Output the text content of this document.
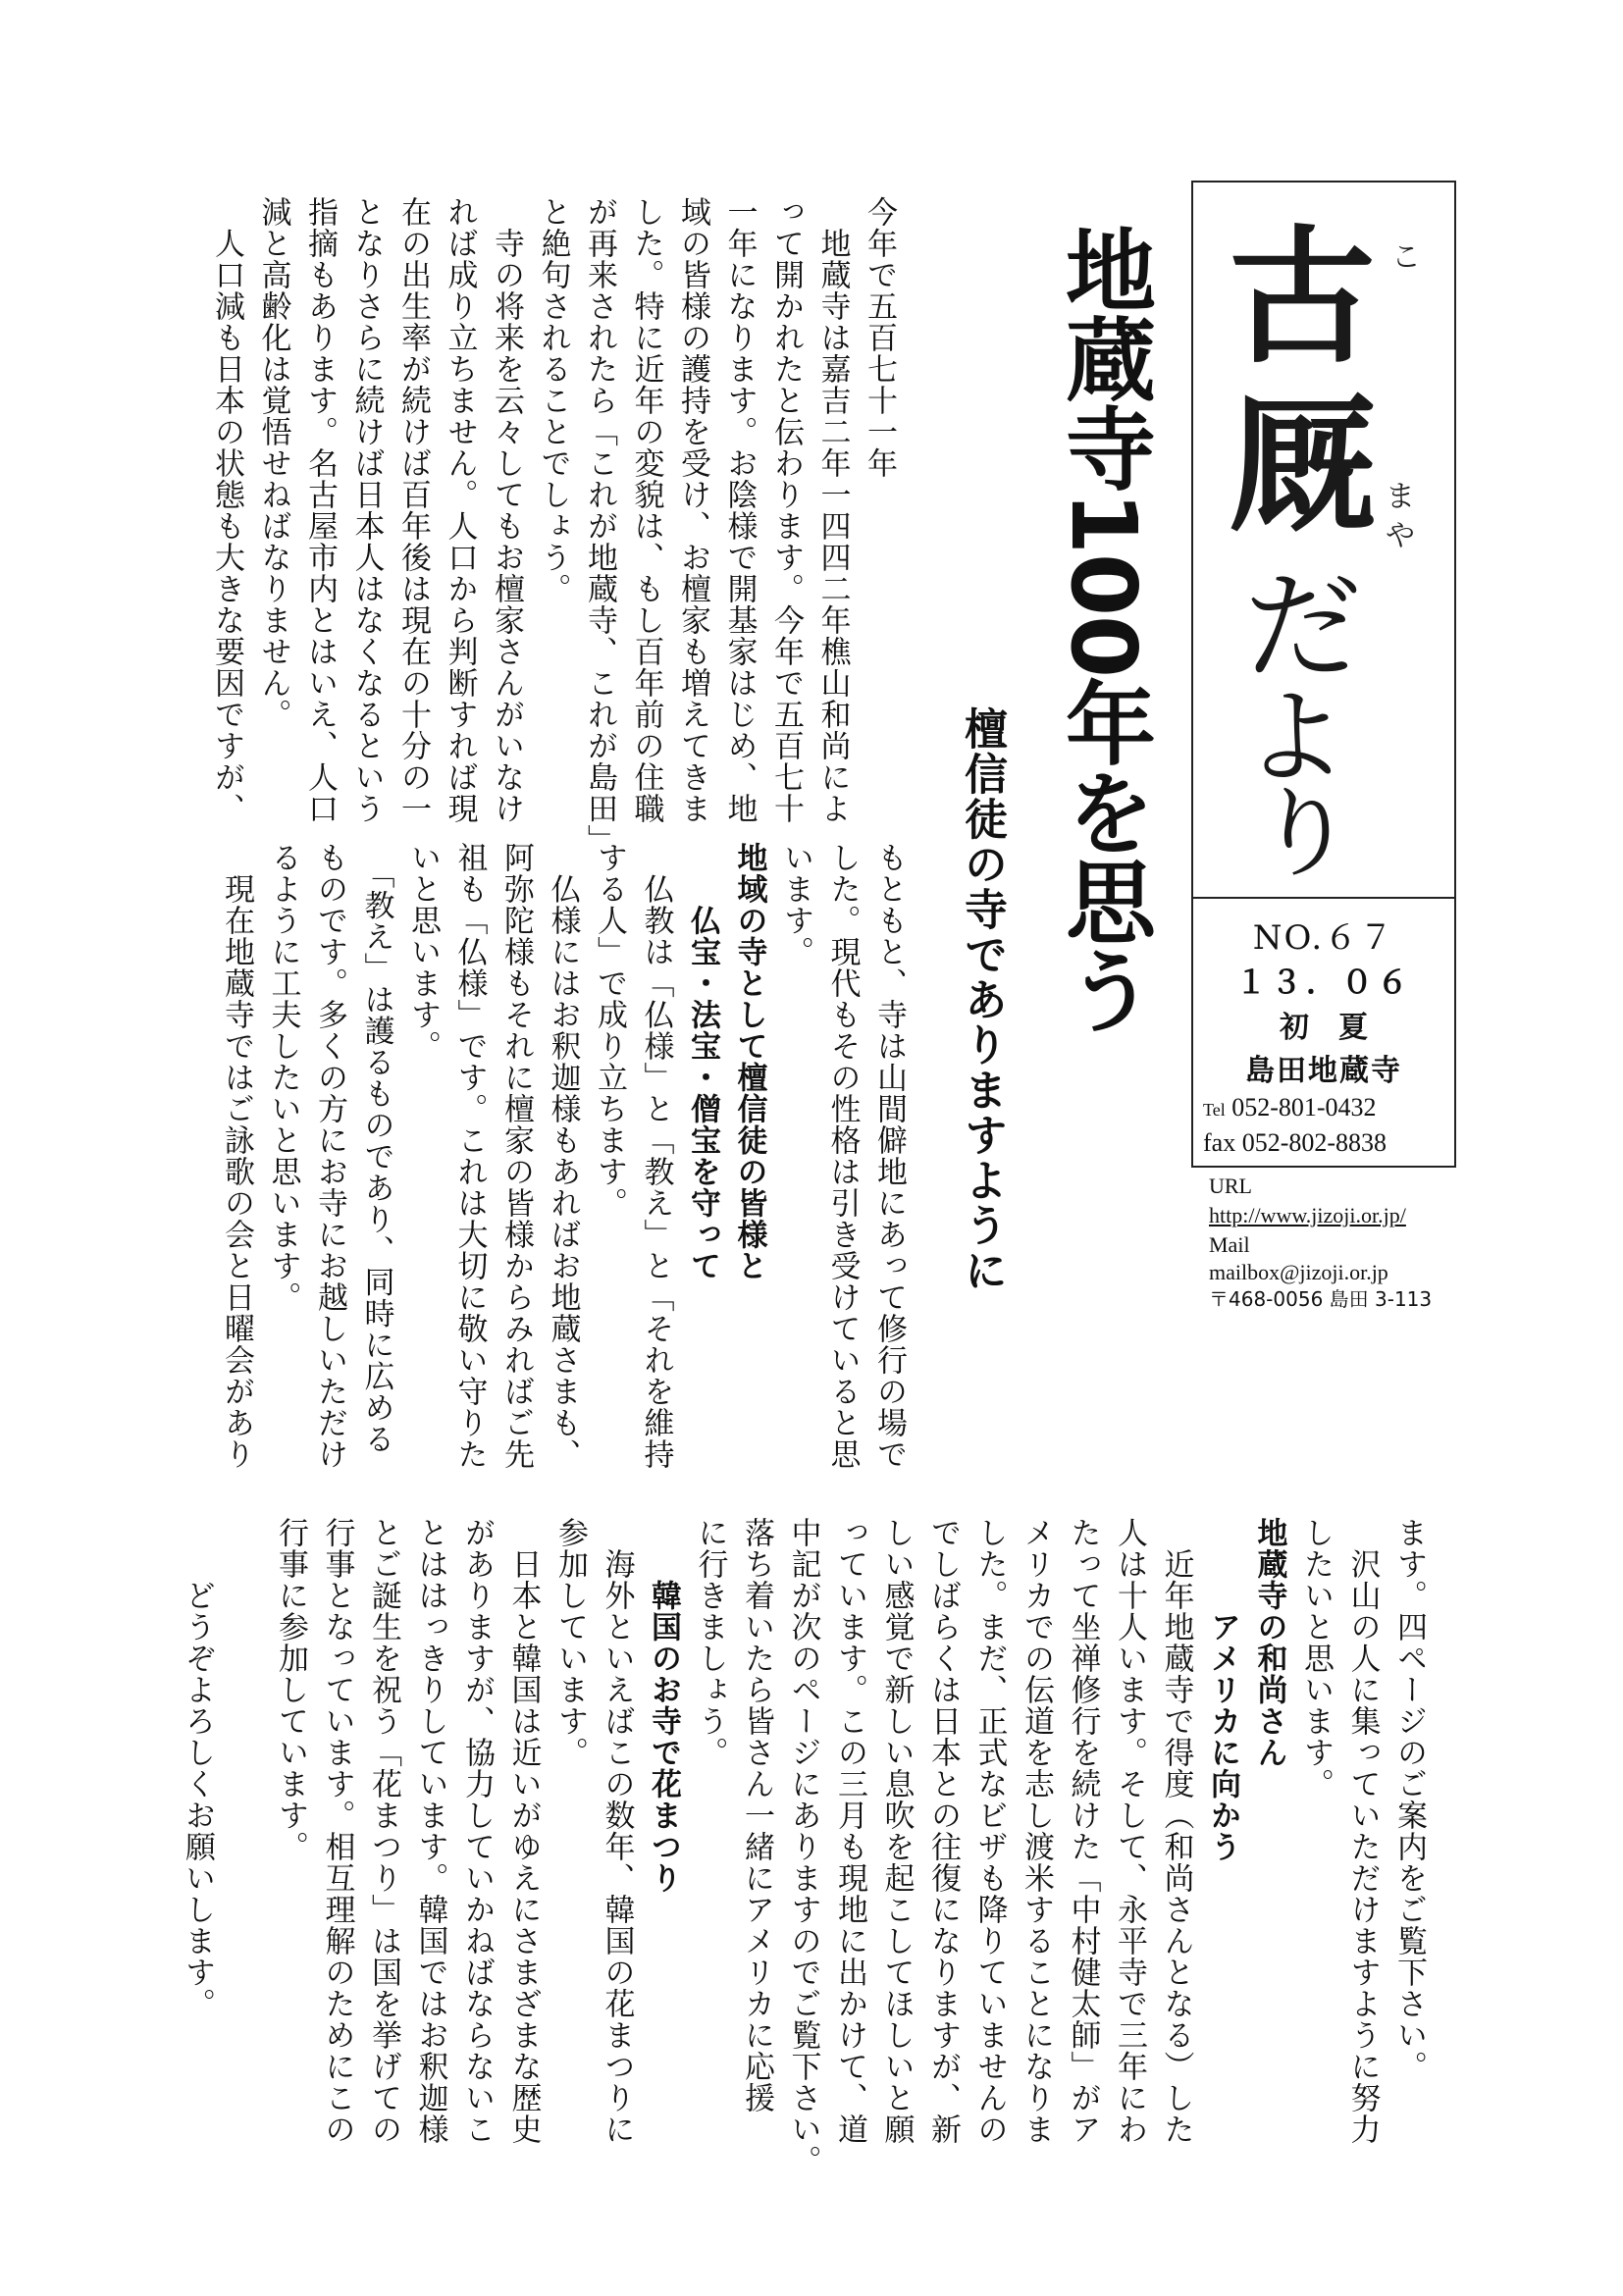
古
厩
だ
よ
り
こ
ま
や
NO.６７
１３．０６
初　夏
島田地蔵寺
Tel 052-801-0432
fax 052-802-8838
URL
http://www.jizoji.or.jp/
Mail
mailbox@jizoji.or.jp
〒468-0056 島田 3-113
地蔵寺100年を思う
檀信徒の寺でありますように
今年で五百七十一年
　地蔵寺は嘉吉二年一四四二年樵山和尚によ
って開かれたと伝わります。今年で五百七十
一年になります。お陰様で開基家はじめ、地
域の皆様の護持を受け、お檀家も増えてきま
した。特に近年の変貌は、もし百年前の住職
が再来されたら「これが地蔵寺、これが島田」
と絶句されることでしょう。
　寺の将来を云々してもお檀家さんがいなけ
れば成り立ちません。人口から判断すれば現
在の出生率が続けば百年後は現在の十分の一
となりさらに続けば日本人はなくなるという
指摘もあります。名古屋市内とはいえ、人口
減と高齢化は覚悟せねばなりません。
　人口減も日本の状態も大きな要因ですが、
もともと、寺は山間僻地にあって修行の場で
した。現代もその性格は引き受けていると思
います。
地域の寺として檀信徒の皆様と
　　仏宝・法宝・僧宝を守って
　仏教は「仏様」と「教え」と「それを維持
する人」で成り立ちます。
　仏様にはお釈迦様もあればお地蔵さまも、
阿弥陀様もそれに檀家の皆様からみればご先
祖も「仏様」です。これは大切に敬い守りた
いと思います。
　「教え」は護るものであり、同時に広める
ものです。多くの方にお寺にお越しいただけ
るように工夫したいと思います。
　現在地蔵寺ではご詠歌の会と日曜会があり
ます。四ページのご案内をご覧下さい。
　沢山の人に集っていただけますように努力
したいと思います。
地蔵寺の和尚さん
　　　アメリカに向かう
　近年地蔵寺で得度（和尚さんとなる）した
人は十人います。そして、永平寺で三年にわ
たって坐禅修行を続けた「中村健太師」がア
メリカでの伝道を志し渡米することになりま
した。まだ、正式なビザも降りていませんの
でしばらくは日本との往復になりますが、新
しい感覚で新しい息吹を起こしてほしいと願
っています。この三月も現地に出かけて、道
中記が次のページにありますのでご覧下さい。
落ち着いたら皆さん一緒にアメリカに応援
に行きましょう。
　　韓国のお寺で花まつり
　海外といえばこの数年、韓国の花まつりに
参加しています。
　日本と韓国は近いがゆえにさまざまな歴史
がありますが、協力していかねばならないこ
とははっきりしています。韓国ではお釈迦様
とご誕生を祝う「花まつり」は国を挙げての
行事となっています。相互理解のためにこの
行事に参加しています。
　　どうぞよろしくお願いします。
